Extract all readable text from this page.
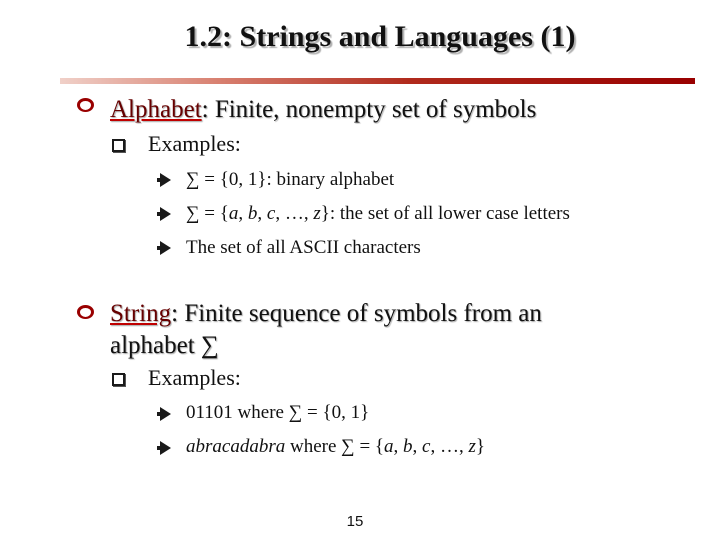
1.2: Strings and Languages (1)
Alphabet: Finite, nonempty set of symbols
Examples:
∑ = {0, 1}: binary alphabet
∑ = {a, b, c, …, z}: the set of all lower case letters
The set of all ASCII characters
String: Finite sequence of symbols from an
alphabet ∑
Examples:
01101 where ∑ = {0, 1}
abracadabra where ∑ = {a, b, c, …, z}
15
